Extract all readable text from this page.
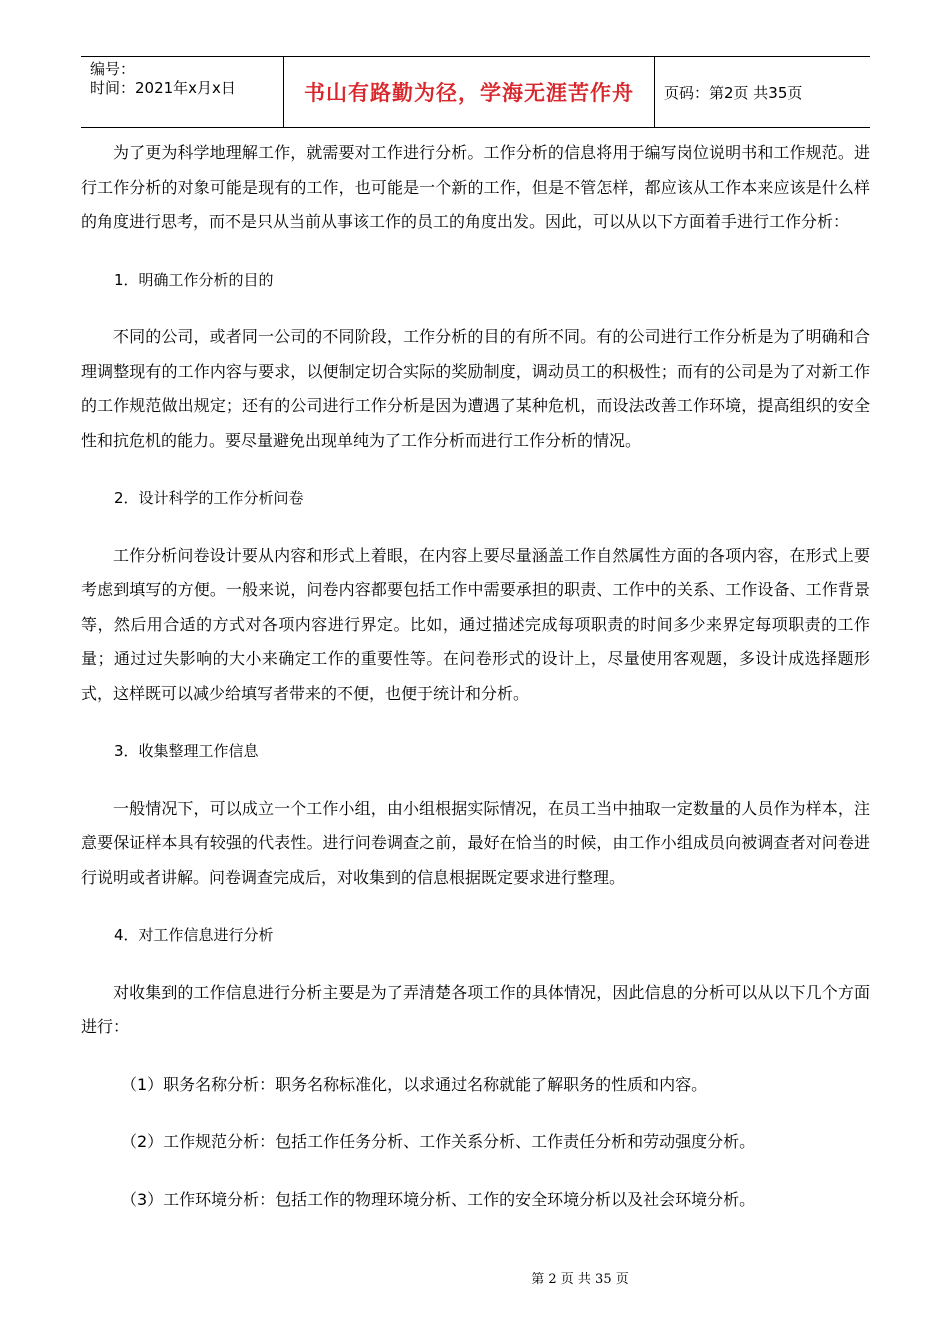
编号：
时间：2021年x月x日	书山有路勤为径，学海无涯苦作舟	页码：第2页 共35页

为了更为科学地理解工作，就需要对工作进行分析。工作分析的信息将用于编写岗位说明书和工作规范。进行工作分析的对象可能是现有的工作，也可能是一个新的工作，但是不管怎样，都应该从工作本来应该是什么样的角度进行思考，而不是只从当前从事该工作的员工的角度出发。因此，可以从以下方面着手进行工作分析：

1．明确工作分析的目的

不同的公司，或者同一公司的不同阶段，工作分析的目的有所不同。有的公司进行工作分析是为了明确和合理调整现有的工作内容与要求，以便制定切合实际的奖励制度，调动员工的积极性；而有的公司是为了对新工作的工作规范做出规定；还有的公司进行工作分析是因为遭遇了某种危机，而设法改善工作环境，提高组织的安全性和抗危机的能力。要尽量避免出现单纯为了工作分析而进行工作分析的情况。

2．设计科学的工作分析问卷

工作分析问卷设计要从内容和形式上着眼，在内容上要尽量涵盖工作自然属性方面的各项内容，在形式上要考虑到填写的方便。一般来说，问卷内容都要包括工作中需要承担的职责、工作中的关系、工作设备、工作背景等，然后用合适的方式对各项内容进行界定。比如，通过描述完成每项职责的时间多少来界定每项职责的工作量；通过过失影响的大小来确定工作的重要性等。在问卷形式的设计上，尽量使用客观题，多设计成选择题形式，这样既可以减少给填写者带来的不便，也便于统计和分析。

3．收集整理工作信息

一般情况下，可以成立一个工作小组，由小组根据实际情况，在员工当中抽取一定数量的人员作为样本，注意要保证样本具有较强的代表性。进行问卷调查之前，最好在恰当的时候，由工作小组成员向被调查者对问卷进行说明或者讲解。问卷调查完成后，对收集到的信息根据既定要求进行整理。

4．对工作信息进行分析

对收集到的工作信息进行分析主要是为了弄清楚各项工作的具体情况，因此信息的分析可以从以下几个方面进行：

（1）职务名称分析：职务名称标准化，以求通过名称就能了解职务的性质和内容。

（2）工作规范分析：包括工作任务分析、工作关系分析、工作责任分析和劳动强度分析。

（3）工作环境分析：包括工作的物理环境分析、工作的安全环境分析以及社会环境分析。

第 2 页 共 35 页
